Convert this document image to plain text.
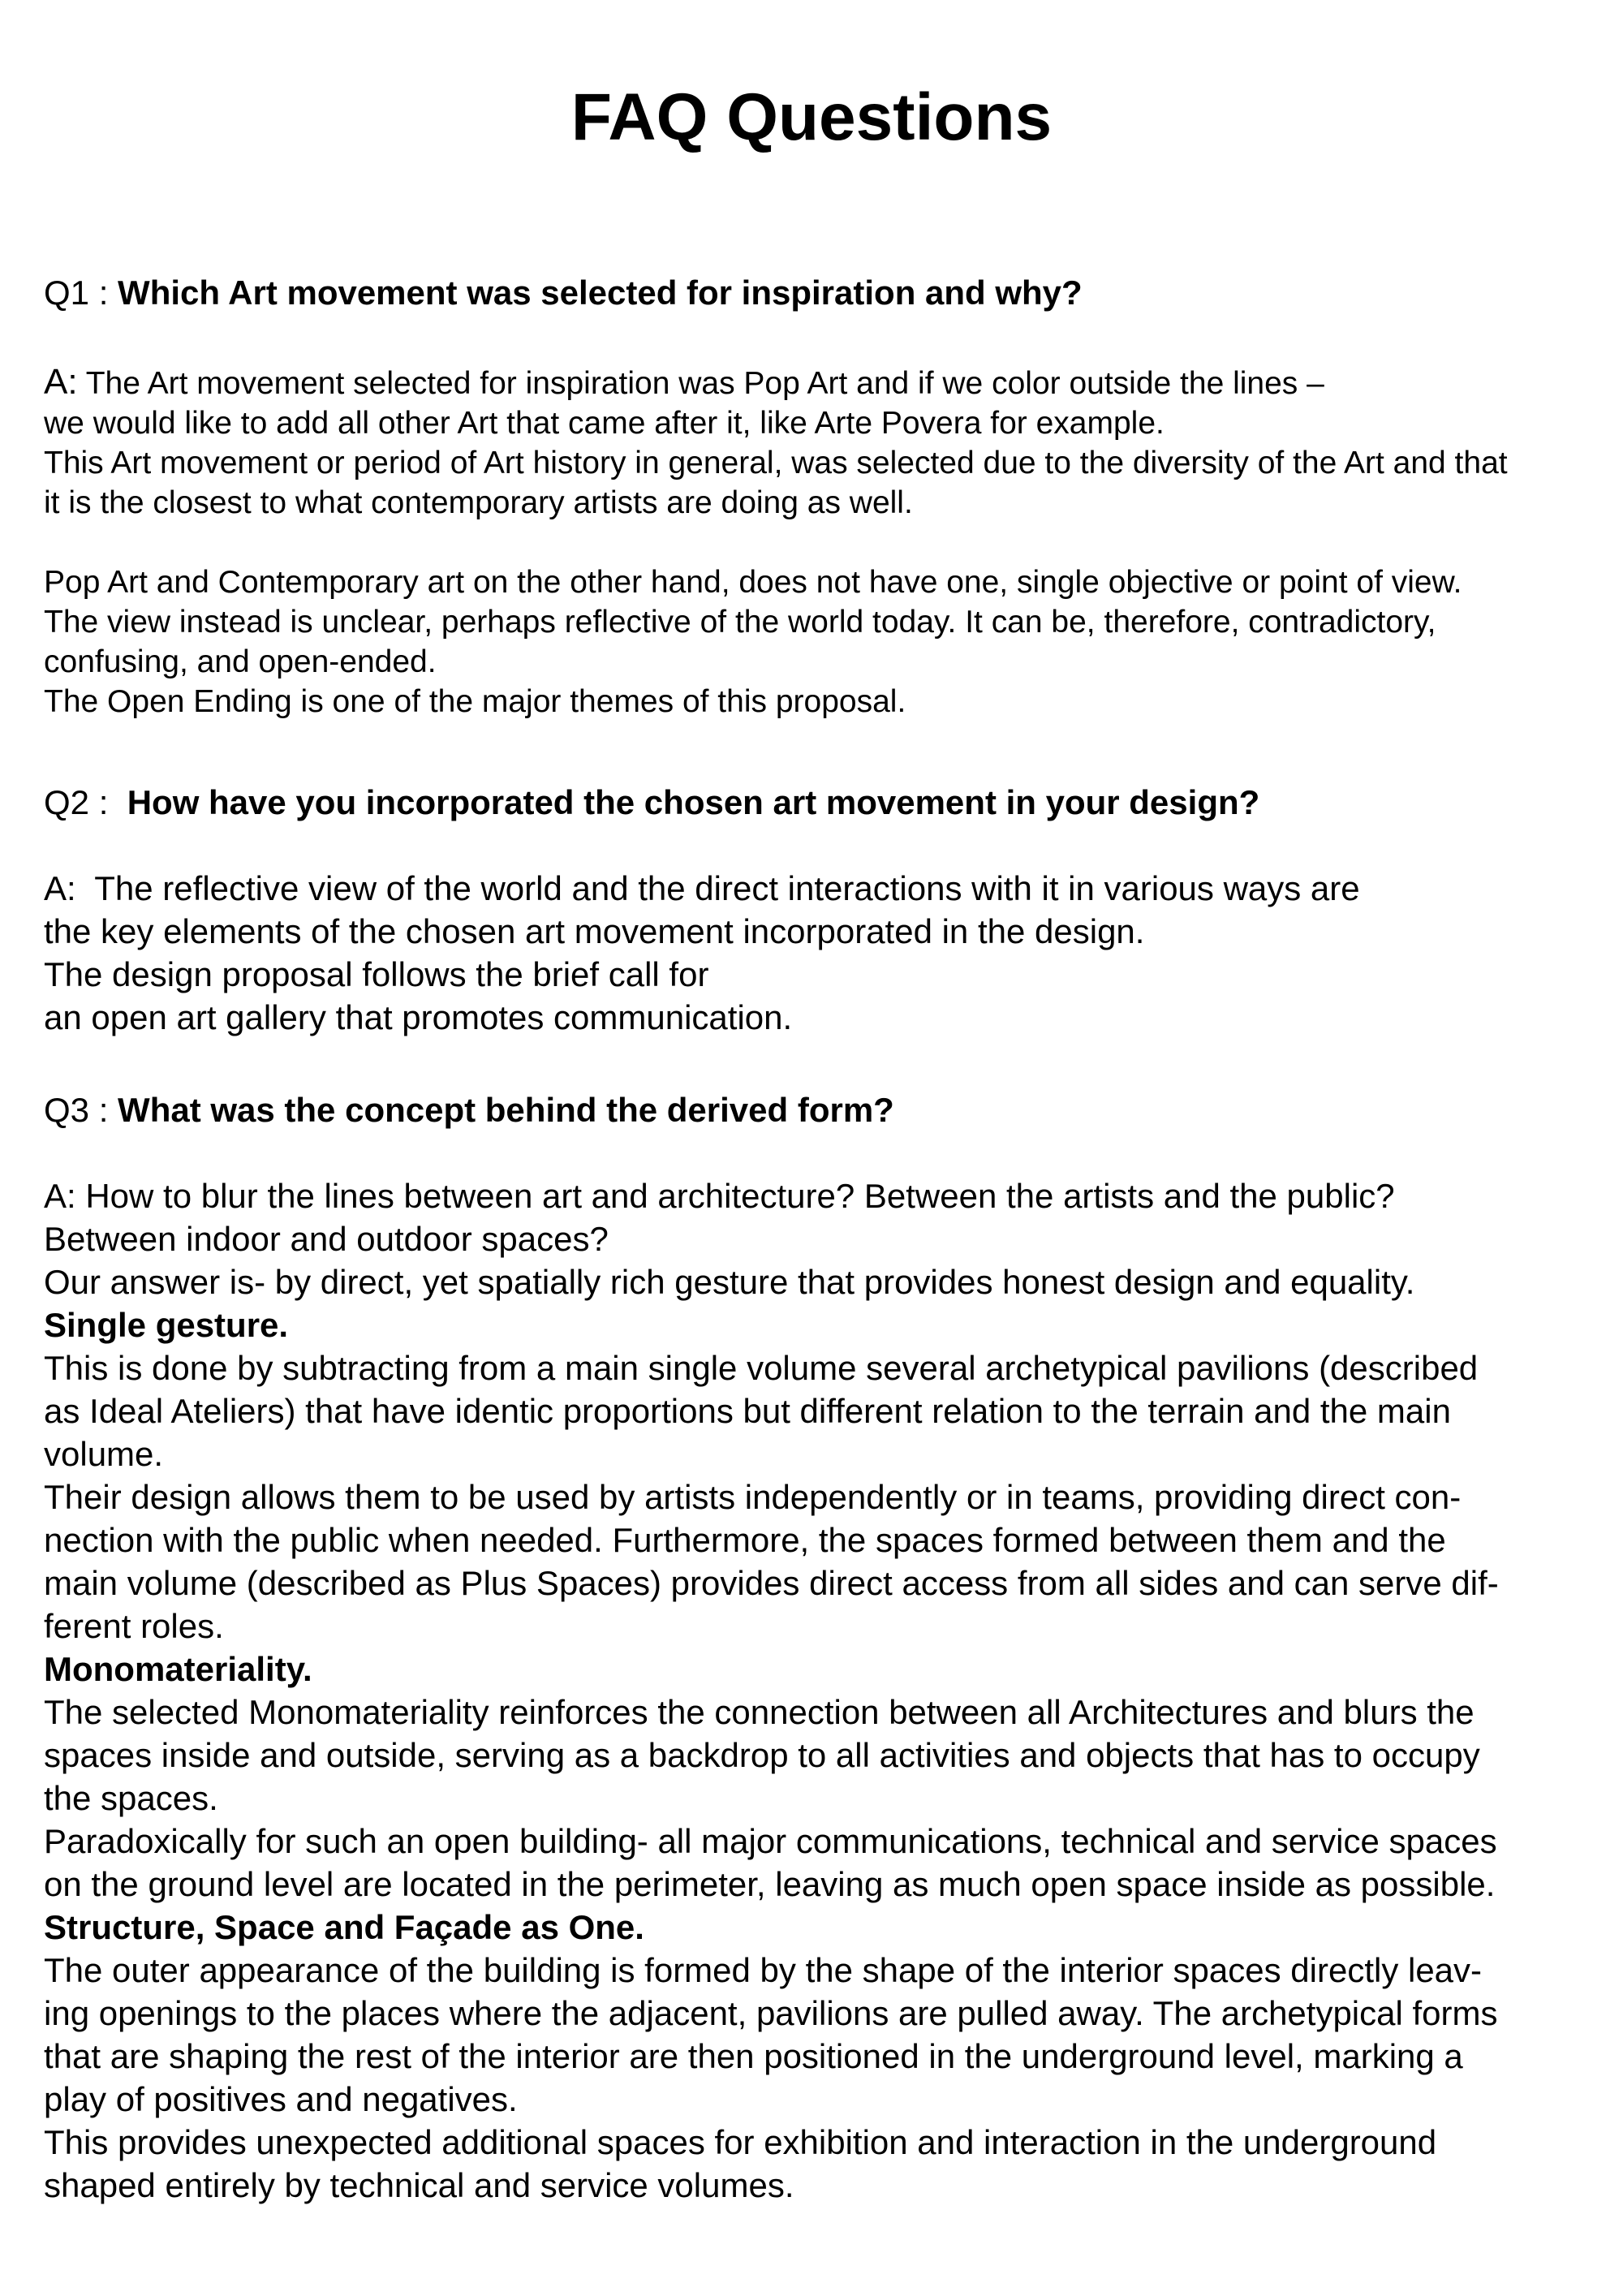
FAQ Questions
Q1 : Which Art movement was selected for inspiration and why?
A: The Art movement selected for inspiration was Pop Art and if we color outside the lines –
we would like to add all other Art that came after it, like Arte Povera for example.
This Art movement or period of Art history in general, was selected due to the diversity of the Art and that
it is the closest to what contemporary artists are doing as well.

Pop Art and Contemporary art on the other hand, does not have one, single objective or point of view.
The view instead is unclear, perhaps reflective of the world today. It can be, therefore, contradictory,
confusing, and open-ended.
The Open Ending is one of the major themes of this proposal.
Q2 :  How have you incorporated the chosen art movement in your design?
A:  The reflective view of the world and the direct interactions with it in various ways are
the key elements of the chosen art movement incorporated in the design.
The design proposal follows the brief call for
an open art gallery that promotes communication.
Q3 : What was the concept behind the derived form?
A: How to blur the lines between art and architecture? Between the artists and the public?
Between indoor and outdoor spaces?
Our answer is- by direct, yet spatially rich gesture that provides honest design and equality.
Single gesture.
This is done by subtracting from a main single volume several archetypical pavilions (described
as Ideal Ateliers) that have identic proportions but different relation to the terrain and the main
volume.
Their design allows them to be used by artists independently or in teams, providing direct con-
nection with the public when needed. Furthermore, the spaces formed between them and the
main volume (described as Plus Spaces) provides direct access from all sides and can serve dif-
ferent roles.
Monomateriality.
The selected Monomateriality reinforces the connection between all Architectures and blurs the
spaces inside and outside, serving as a backdrop to all activities and objects that has to occupy
the spaces.
Paradoxically for such an open building- all major communications, technical and service spaces
on the ground level are located in the perimeter, leaving as much open space inside as possible.
Structure, Space and Façade as One.
The outer appearance of the building is formed by the shape of the interior spaces directly leav-
ing openings to the places where the adjacent, pavilions are pulled away. The archetypical forms
that are shaping the rest of the interior are then positioned in the underground level, marking a
play of positives and negatives.
This provides unexpected additional spaces for exhibition and interaction in the underground
shaped entirely by technical and service volumes.
